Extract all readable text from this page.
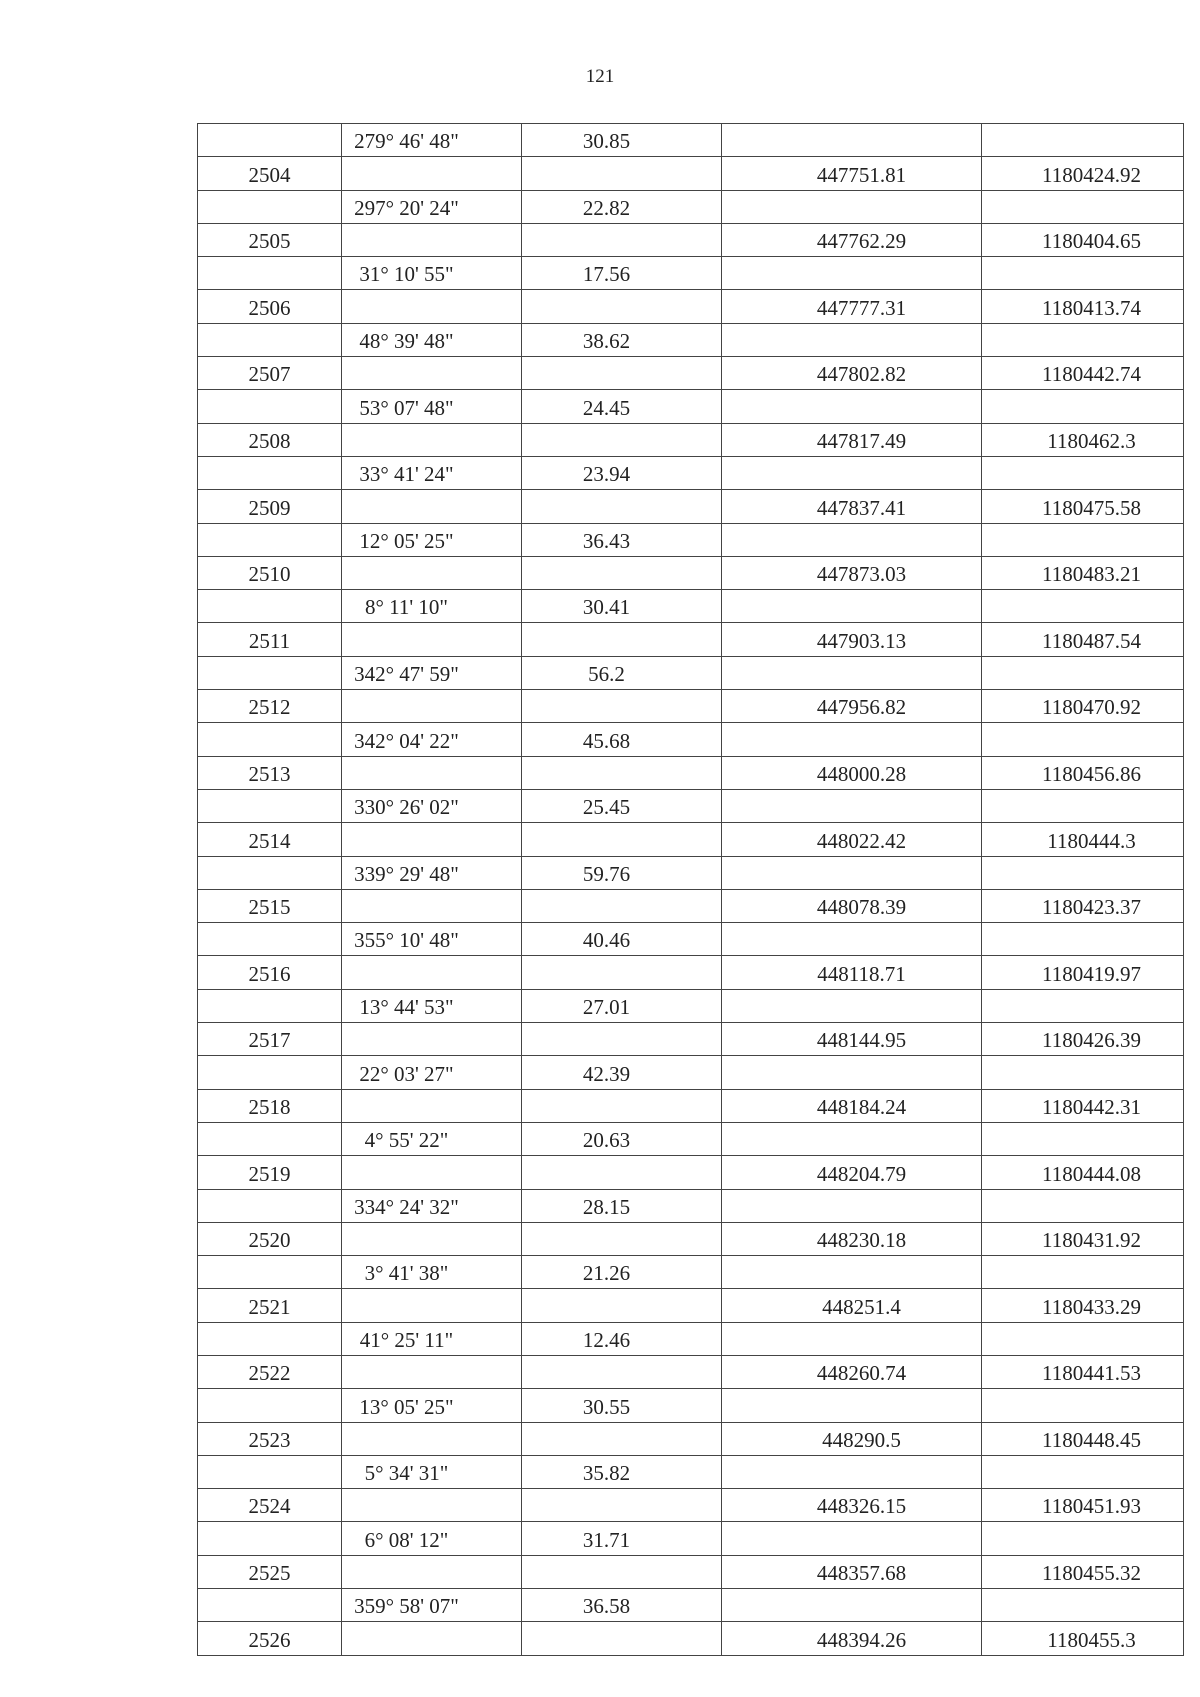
121
	279° 46' 48"	30.85		
2504			447751.81	1180424.92
	297° 20' 24"	22.82		
2505			447762.29	1180404.65
	31° 10' 55"	17.56		
2506			447777.31	1180413.74
	48° 39' 48"	38.62		
2507			447802.82	1180442.74
	53° 07' 48"	24.45		
2508			447817.49	1180462.3
	33° 41' 24"	23.94		
2509			447837.41	1180475.58
	12° 05' 25"	36.43		
2510			447873.03	1180483.21
	8° 11' 10"	30.41		
2511			447903.13	1180487.54
	342° 47' 59"	56.2		
2512			447956.82	1180470.92
	342° 04' 22"	45.68		
2513			448000.28	1180456.86
	330° 26' 02"	25.45		
2514			448022.42	1180444.3
	339° 29' 48"	59.76		
2515			448078.39	1180423.37
	355° 10' 48"	40.46		
2516			448118.71	1180419.97
	13° 44' 53"	27.01		
2517			448144.95	1180426.39
	22° 03' 27"	42.39		
2518			448184.24	1180442.31
	4° 55' 22"	20.63		
2519			448204.79	1180444.08
	334° 24' 32"	28.15		
2520			448230.18	1180431.92
	3° 41' 38"	21.26		
2521			448251.4	1180433.29
	41° 25' 11"	12.46		
2522			448260.74	1180441.53
	13° 05' 25"	30.55		
2523			448290.5	1180448.45
	5° 34' 31"	35.82		
2524			448326.15	1180451.93
	6° 08' 12"	31.71		
2525			448357.68	1180455.32
	359° 58' 07"	36.58		
2526			448394.26	1180455.3
